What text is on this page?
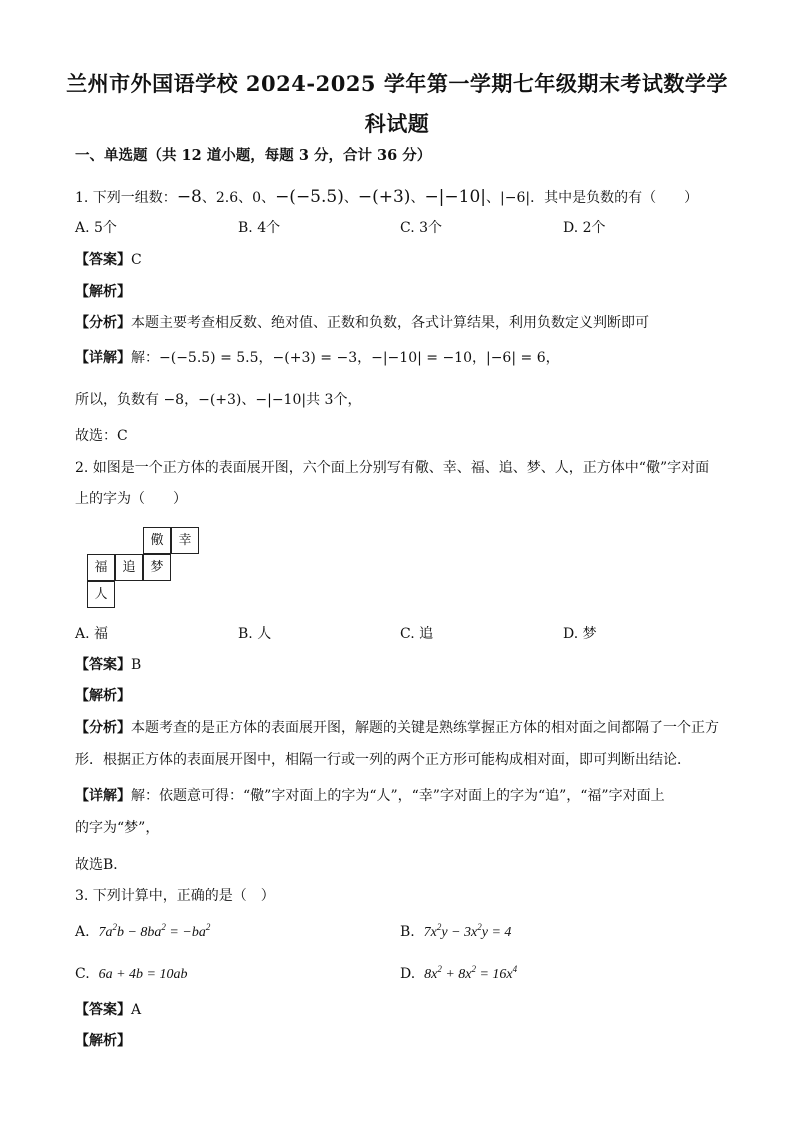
兰州市外国语学校 2024-2025 学年第一学期七年级期末考试数学学
科试题
一、单选题（共 12 道小题，每题 3 分，合计 36 分）
1. 下列一组数：−8、2.6、0、−(−5.5)、−(+3)、−|−10|、|−6|．其中是负数的有（　　）
A. 5个	B. 4个	C. 3个	D. 2个
【答案】C
【解析】
【分析】本题主要考查相反数、绝对值、正数和负数，各式计算结果，利用负数定义判断即可
【详解】解：−(−5.5) = 5.5，−(+3) = −3，−|−10| = −10，|−6| = 6，
所以，负数有 −8，−(+3)、−|−10|共 3个，
故选：C
2. 如图是一个正方体的表面展开图，六个面上分别写有儆、幸、福、追、梦、人，正方体中“儆”字对面
上的字为（　　）
儆	幸
福	追	梦
人
A. 福	B. 人	C. 追	D. 梦
【答案】B
【解析】
【分析】本题考查的是正方体的表面展开图，解题的关键是熟练掌握正方体的相对面之间都隔了一个正方
形．根据正方体的表面展开图中，相隔一行或一列的两个正方形可能构成相对面，即可判断出结论．
【详解】解：依题意可得：“儆”字对面上的字为“人”，“幸”字对面上的字为“追”，“福”字对面上
的字为“梦”，
故选B．
3. 下列计算中，正确的是（　）
A. $7a^2b - 8ba^2 = -ba^2$	B. $7x^2y - 3x^2y = 4$
C. 6a + 4b = 10ab	D. $8x^2 + 8x^2 = 16x^4$
【答案】A
【解析】
